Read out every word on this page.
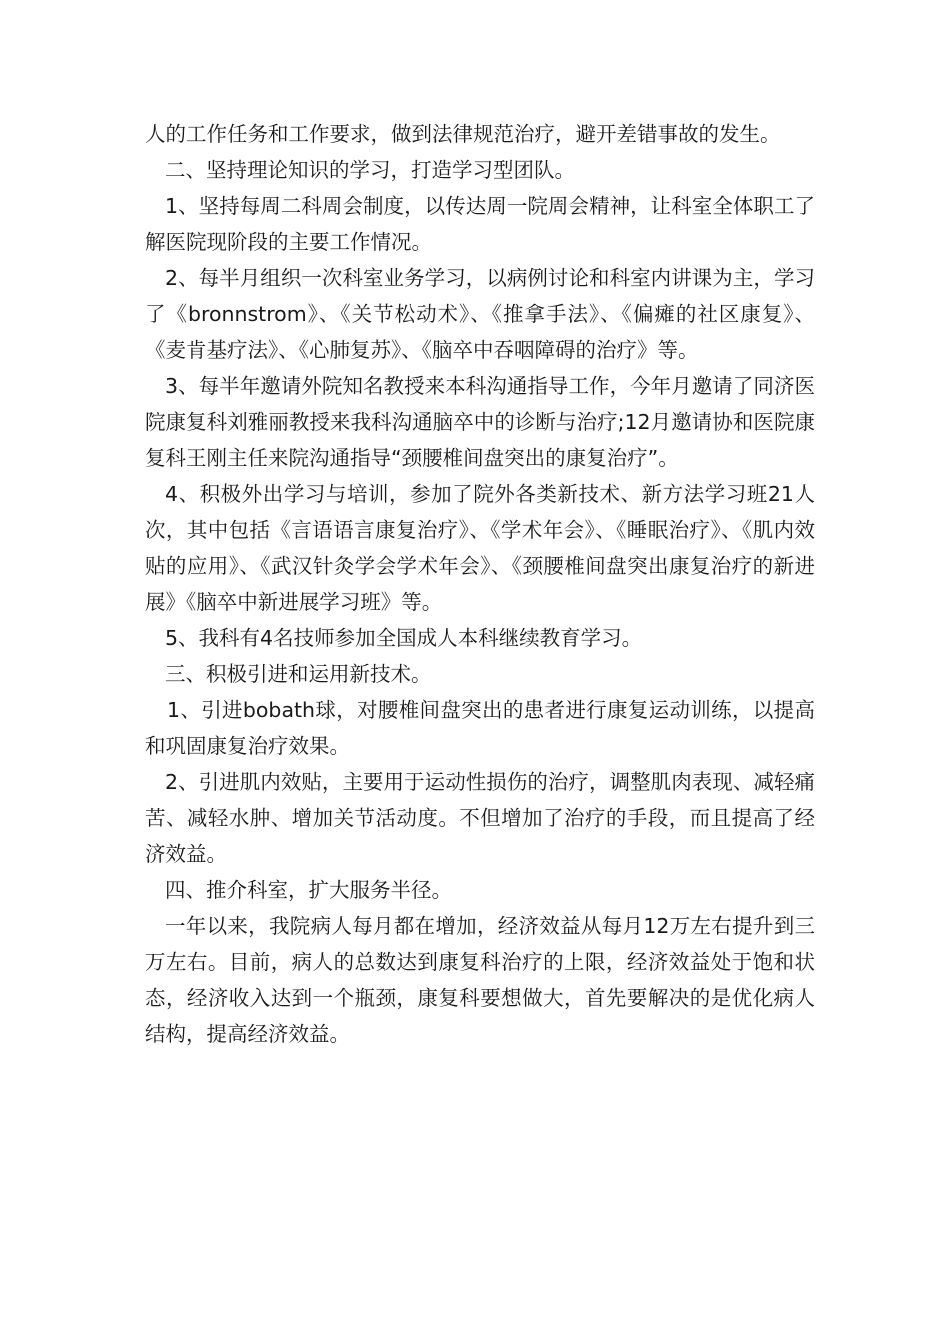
人的工作任务和工作要求，做到法律规范治疗，避开差错事故的发生。

二、坚持理论知识的学习，打造学习型团队。

1、坚持每周二科周会制度，以传达周一院周会精神，让科室全体职工了解医院现阶段的主要工作情况。

2、每半月组织一次科室业务学习，以病例讨论和科室内讲课为主，学习了《bronnstrom》、《关节松动术》、《推拿手法》、《偏瘫的社区康复》、《麦肯基疗法》、《心肺复苏》、《脑卒中吞咽障碍的治疗》等。

3、每半年邀请外院知名教授来本科沟通指导工作，今年月邀请了同济医院康复科刘雅丽教授来我科沟通脑卒中的诊断与治疗;12月邀请协和医院康复科王刚主任来院沟通指导“颈腰椎间盘突出的康复治疗”。

4、积极外出学习与培训，参加了院外各类新技术、新方法学习班21人次，其中包括《言语语言康复治疗》、《学术年会》、《睡眠治疗》、《肌内效贴的应用》、《武汉针灸学会学术年会》、《颈腰椎间盘突出康复治疗的新进展》《脑卒中新进展学习班》等。

5、我科有4名技师参加全国成人本科继续教育学习。

三、积极引进和运用新技术。

1、引进bobath球，对腰椎间盘突出的患者进行康复运动训练，以提高和巩固康复治疗效果。

2、引进肌内效贴，主要用于运动性损伤的治疗，调整肌肉表现、减轻痛苦、减轻水肿、增加关节活动度。不但增加了治疗的手段，而且提高了经济效益。

四、推介科室，扩大服务半径。

一年以来，我院病人每月都在增加，经济效益从每月12万左右提升到三万左右。目前，病人的总数达到康复科治疗的上限，经济效益处于饱和状态，经济收入达到一个瓶颈，康复科要想做大，首先要解决的是优化病人结构，提高经济效益。
